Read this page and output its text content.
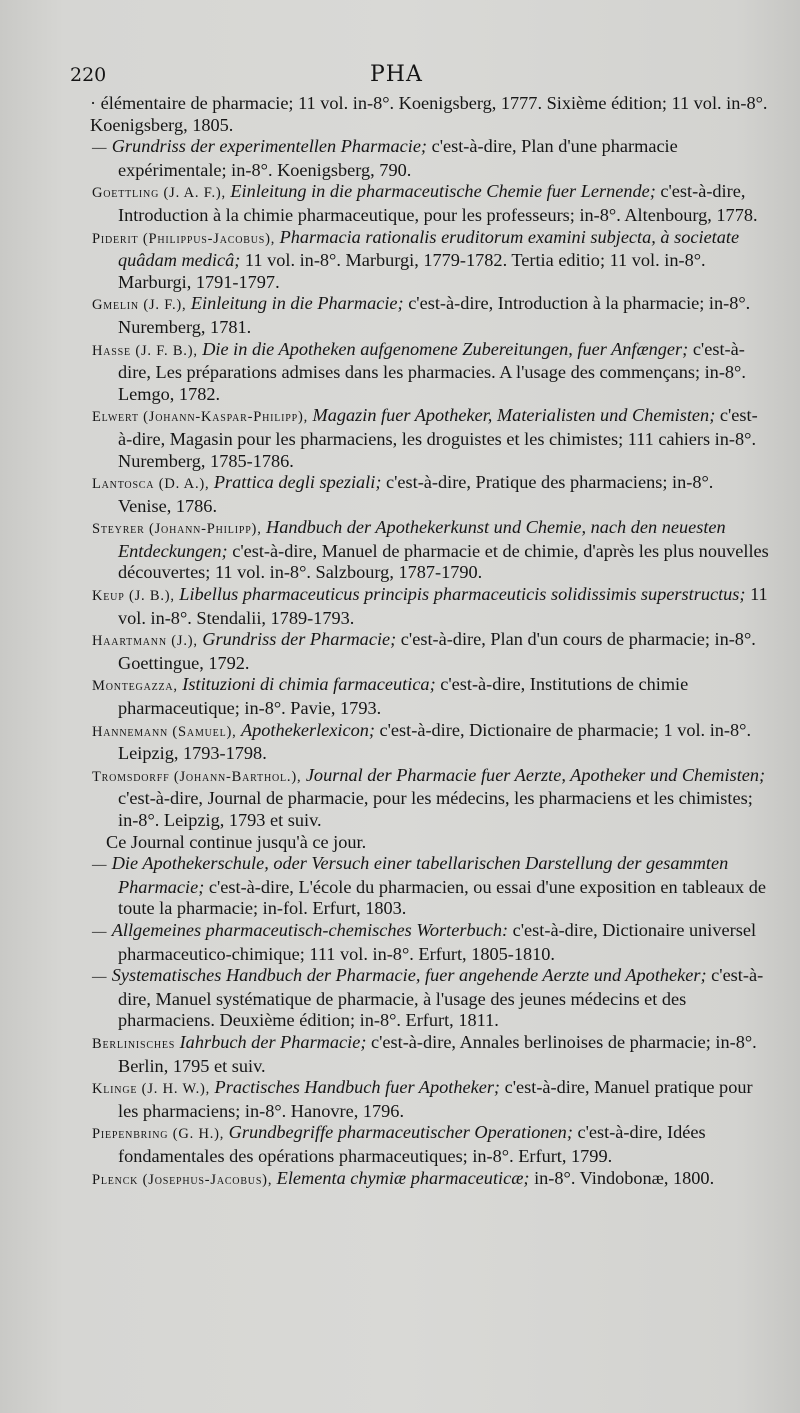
220	PHA

· élémentaire de pharmacie; 11 vol. in-8°. Koenigsberg, 1777. Sixième édition; 11 vol. in-8°. Koenigsberg, 1805.

— Grundriss der experimentellen Pharmacie; c'est-à-dire, Plan d'une pharmacie expérimentale; in-8°. Koenigsberg, 790.

Goettling (J. A. F.), Einleitung in die pharmaceutische Chemie fuer Lernende; c'est-à-dire, Introduction à la chimie pharmaceutique, pour les professeurs; in-8°. Altenbourg, 1778.

Piderit (Philippus-Jacobus), Pharmacia rationalis eruditorum examini subjecta, à societate quâdam medicâ; 11 vol. in-8°. Marburgi, 1779-1782. Tertia editio; 11 vol. in-8°. Marburgi, 1791-1797.

Gmelin (J. F.), Einleitung in die Pharmacie; c'est-à-dire, Introduction à la pharmacie; in-8°. Nuremberg, 1781.

Hasse (J. F. B.), Die in die Apotheken aufgenomene Zubereitungen, fuer Anfænger; c'est-à-dire, Les préparations admises dans les pharmacies. A l'usage des commençans; in-8°. Lemgo, 1782.

Elwert (Johann-Kaspar-Philipp), Magazin fuer Apotheker, Materialisten und Chemisten; c'est-à-dire, Magasin pour les pharmaciens, les droguistes et les chimistes; 111 cahiers in-8°. Nuremberg, 1785-1786.

Lantosca (D. A.), Prattica degli speziali; c'est-à-dire, Pratique des pharmaciens; in-8°. Venise, 1786.

Steyrer (Johann-Philipp), Handbuch der Apothekerkunst und Chemie, nach den neuesten Entdeckungen; c'est-à-dire, Manuel de pharmacie et de chimie, d'après les plus nouvelles découvertes; 11 vol. in-8°. Salzbourg, 1787-1790.

Keup (J. B.), Libellus pharmaceuticus principis pharmaceuticis solidissimis superstructus; 11 vol. in-8°. Stendalii, 1789-1793.

Haartmann (J.), Grundriss der Pharmacie; c'est-à-dire, Plan d'un cours de pharmacie; in-8°. Goettingue, 1792.

Montegazza, Istituzioni di chimia farmaceutica; c'est-à-dire, Institutions de chimie pharmaceutique; in-8°. Pavie, 1793.

Hannemann (Samuel), Apothekerlexicon; c'est-à-dire, Dictionaire de pharmacie; 1 vol. in-8°. Leipzig, 1793-1798.

Tromsdorff (Johann-Barthol.), Journal der Pharmacie fuer Aerzte, Apotheker und Chemisten; c'est-à-dire, Journal de pharmacie, pour les médecins, les pharmaciens et les chimistes; in-8°. Leipzig, 1793 et suiv.

Ce Journal continue jusqu'à ce jour.

— Die Apothekerschule, oder Versuch einer tabellarischen Darstellung der gesammten Pharmacie; c'est-à-dire, L'école du pharmacien, ou essai d'une exposition en tableaux de toute la pharmacie; in-fol. Erfurt, 1803.

— Allgemeines pharmaceutisch-chemisches Worterbuch: c'est-à-dire, Dictionaire universel pharmaceutico-chimique; 111 vol. in-8°. Erfurt, 1805-1810.

— Systematisches Handbuch der Pharmacie, fuer angehende Aerzte und Apotheker; c'est-à-dire, Manuel systématique de pharmacie, à l'usage des jeunes médecins et des pharmaciens. Deuxième édition; in-8°. Erfurt, 1811.

Berlinisches Iahrbuch der Pharmacie; c'est-à-dire, Annales berlinoises de pharmacie; in-8°. Berlin, 1795 et suiv.

Klinge (J. H. W.), Practisches Handbuch fuer Apotheker; c'est-à-dire, Manuel pratique pour les pharmaciens; in-8°. Hanovre, 1796.

Piepenbring (G. H.), Grundbegriffe pharmaceutischer Operationen; c'est-à-dire, Idées fondamentales des opérations pharmaceutiques; in-8°. Erfurt, 1799.

Plenck (Josephus-Jacobus), Elementa chymiæ pharmaceuticæ; in-8°. Vindobonæ, 1800.
